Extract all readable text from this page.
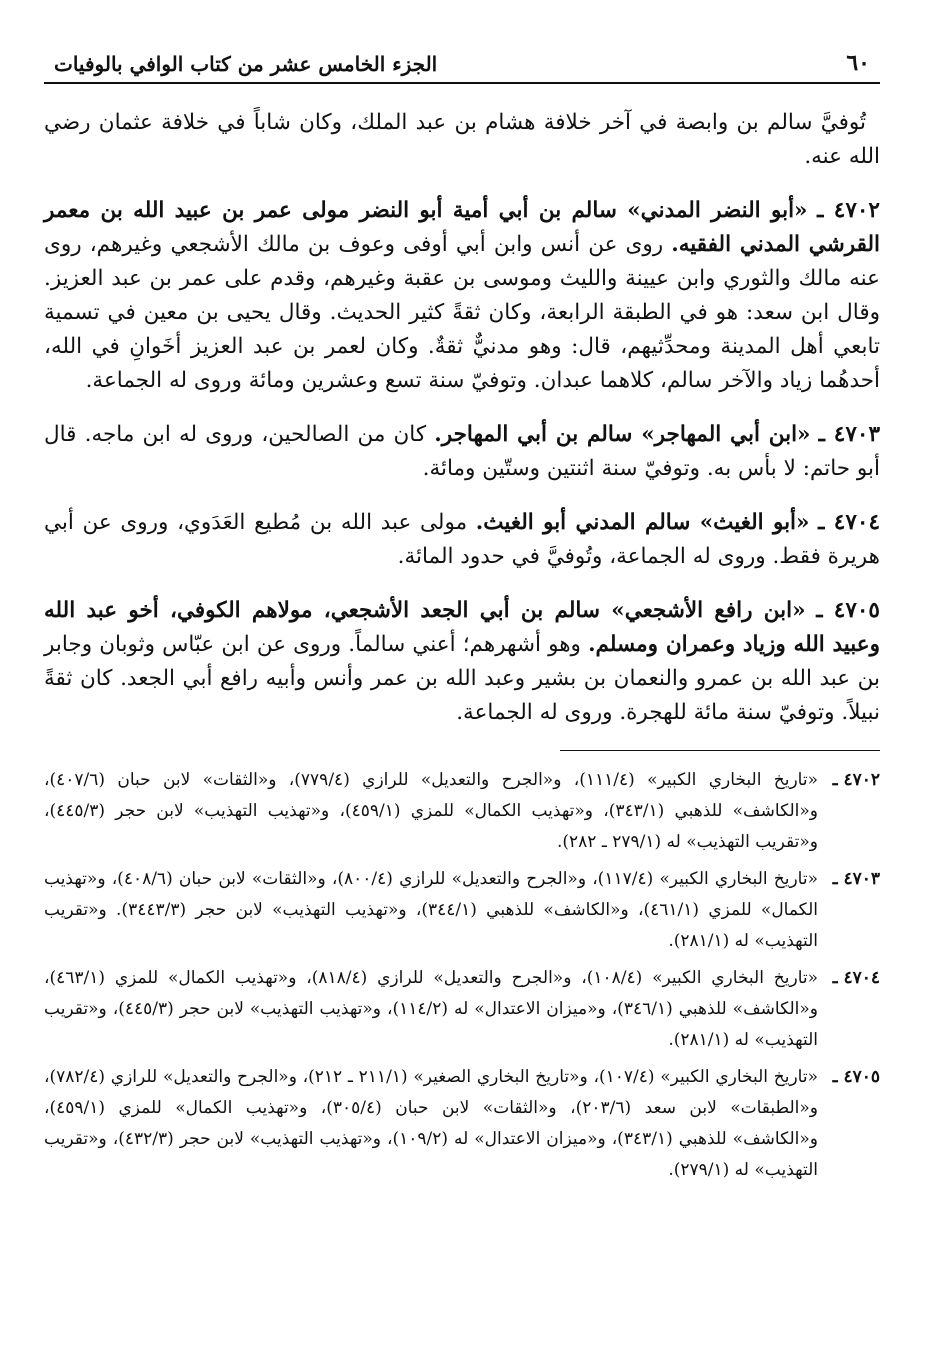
٦٠
الجزء الخامس عشر من كتاب الوافي بالوفيات

تُوفيَّ سالم بن وابصة في آخر خلافة هشام بن عبد الملك، وكان شاباً في خلافة عثمان رضي الله عنه.

٤٧٠٢ ـ «أبو النضر المدني» سالم بن أبي أمية أبو النضر مولى عمر بن عبيد الله بن معمر القرشي المدني الفقيه. روى عن أنس وابن أبي أوفى وعوف بن مالك الأشجعي وغيرهم، روى عنه مالك والثوري وابن عيينة والليث وموسى بن عقبة وغيرهم، وقدم على عمر بن عبد العزيز. وقال ابن سعد: هو في الطبقة الرابعة، وكان ثقةً كثير الحديث. وقال يحيى بن معين في تسمية تابعي أهل المدينة ومحدِّثيهم، قال: وهو مدنيٌّ ثقةٌ. وكان لعمر بن عبد العزيز أخَوانِ في الله، أحدهُما زياد والآخر سالم، كلاهما عبدان. وتوفيّ سنة تسع وعشرين ومائة وروى له الجماعة.

٤٧٠٣ ـ «ابن أبي المهاجر» سالم بن أبي المهاجر. كان من الصالحين، وروى له ابن ماجه. قال أبو حاتم: لا بأس به. وتوفيّ سنة اثنتين وستّين ومائة.

٤٧٠٤ ـ «أبو الغيث» سالم المدني أبو الغيث. مولى عبد الله بن مُطيع العَدَوي، وروى عن أبي هريرة فقط. وروى له الجماعة، وتُوفيَّ في حدود المائة.

٤٧٠٥ ـ «ابن رافع الأشجعي» سالم بن أبي الجعد الأشجعي، مولاهم الكوفي، أخو عبد الله وعبيد الله وزياد وعمران ومسلم. وهو أشهرهم؛ أعني سالماً. وروى عن ابن عبّاس وثوبان وجابر بن عبد الله بن عمرو والنعمان بن بشير وعبد الله بن عمر وأنس وأبيه رافع أبي الجعد. كان ثقةً نبيلاً. وتوفيّ سنة مائة للهجرة. وروى له الجماعة.

٤٧٠٢ ـ
«تاريخ البخاري الكبير» (١١١/٤)، و«الجرح والتعديل» للرازي (٧٧٩/٤)، و«الثقات» لابن حبان (٤٠٧/٦)، و«الكاشف» للذهبي (٣٤٣/١)، و«تهذيب الكمال» للمزي (٤٥٩/١)، و«تهذيب التهذيب» لابن حجر (٤٤٥/٣)، و«تقريب التهذيب» له (٢٧٩/١ ـ ٢٨٢).
٤٧٠٣ ـ
«تاريخ البخاري الكبير» (١١٧/٤)، و«الجرح والتعديل» للرازي (٨٠٠/٤)، و«الثقات» لابن حبان (٤٠٨/٦)، و«تهذيب الكمال» للمزي (٤٦١/١)، و«الكاشف» للذهبي (٣٤٤/١)، و«تهذيب التهذيب» لابن حجر (٣٤٤٣/٣). و«تقريب التهذيب» له (٢٨١/١).
٤٧٠٤ ـ
«تاريخ البخاري الكبير» (١٠٨/٤)، و«الجرح والتعديل» للرازي (٨١٨/٤)، و«تهذيب الكمال» للمزي (٤٦٣/١)، و«الكاشف» للذهبي (٣٤٦/١)، و«ميزان الاعتدال» له (١١٤/٢)، و«تهذيب التهذيب» لابن حجر (٤٤٥/٣)، و«تقريب التهذيب» له (٢٨١/١).
٤٧٠٥ ـ
«تاريخ البخاري الكبير» (١٠٧/٤)، و«تاريخ البخاري الصغير» (٢١١/١ ـ ٢١٢)، و«الجرح والتعديل» للرازي (٧٨٢/٤)، و«الطبقات» لابن سعد (٢٠٣/٦)، و«الثقات» لابن حبان (٣٠٥/٤)، و«تهذيب الكمال» للمزي (٤٥٩/١)، و«الكاشف» للذهبي (٣٤٣/١)، و«ميزان الاعتدال» له (١٠٩/٢)، و«تهذيب التهذيب» لابن حجر (٤٣٢/٣)، و«تقريب التهذيب» له (٢٧٩/١).
